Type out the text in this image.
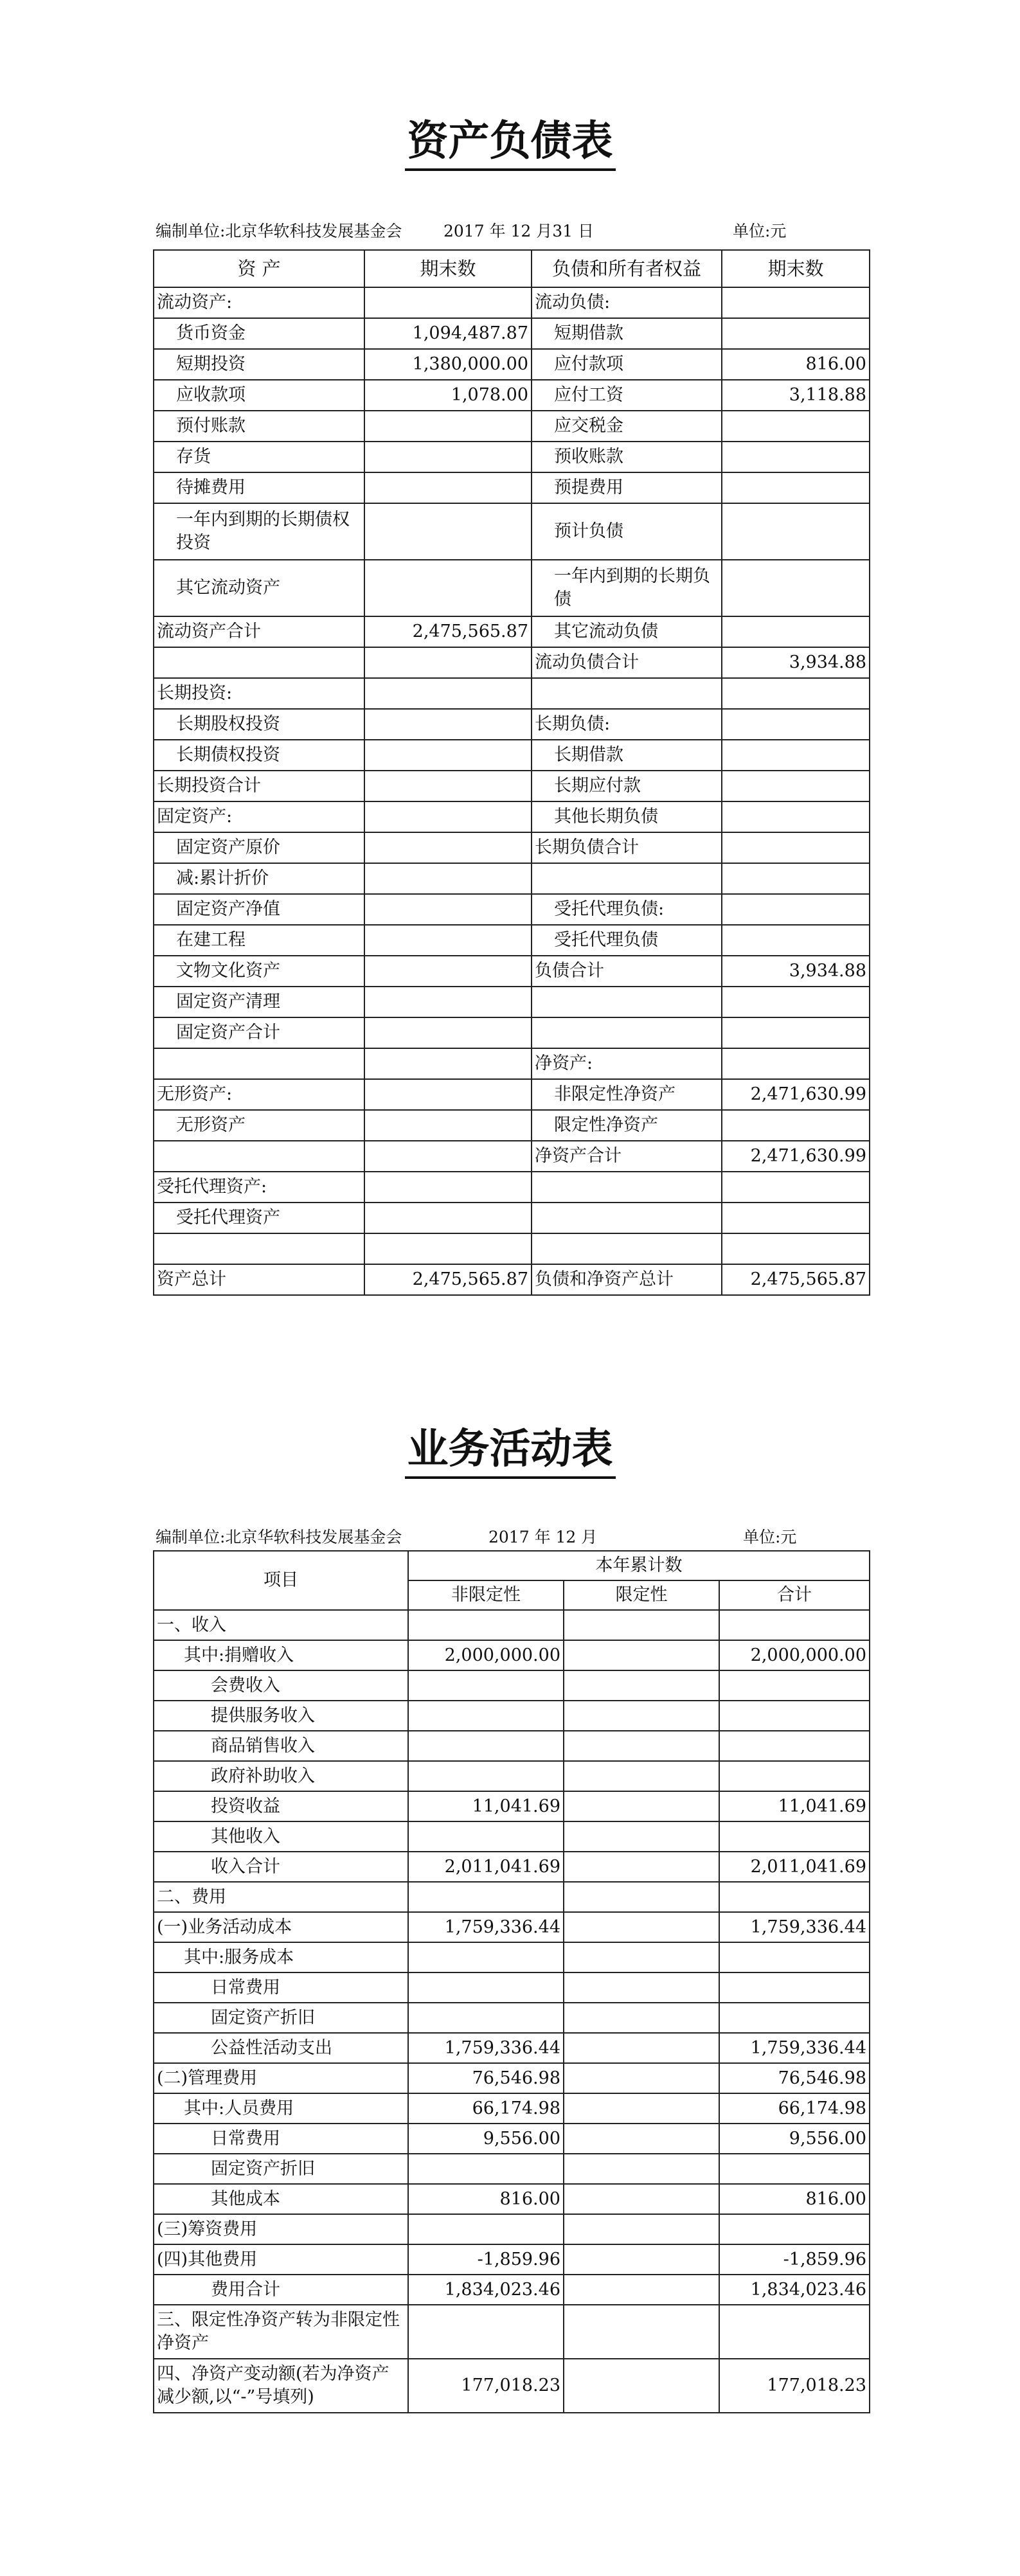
资产负债表
编制单位:北京华软科技发展基金会	2017 年 12 月31 日	单位:元
资 产	期末数	负债和所有者权益	期末数
流动资产:		流动负债:	
货币资金	1,094,487.87	短期借款	
短期投资	1,380,000.00	应付款项	816.00
应收款项	1,078.00	应付工资	3,118.88
预付账款		应交税金	
存货		预收账款	
待摊费用		预提费用	
一年内到期的长期债权投资		预计负债	
其它流动资产		一年内到期的长期负债	
流动资产合计	2,475,565.87	其它流动负债	
		流动负债合计	3,934.88
长期投资:			
长期股权投资		长期负债:	
长期债权投资		长期借款	
长期投资合计		长期应付款	
固定资产:		其他长期负债	
固定资产原价		长期负债合计	
减:累计折价			
固定资产净值		受托代理负债:	
在建工程		受托代理负债	
文物文化资产		负债合计	3,934.88
固定资产清理			
固定资产合计			
		净资产:	
无形资产:		非限定性净资产	2,471,630.99
无形资产		限定性净资产	
		净资产合计	2,471,630.99
受托代理资产:			
受托代理资产			

资产总计	2,475,565.87	负债和净资产总计	2,475,565.87
业务活动表
编制单位:北京华软科技发展基金会	2017 年 12 月	单位:元
项目	本年累计数		
	非限定性	限定性	合计
一、收入			
其中:捐赠收入	2,000,000.00		2,000,000.00
会费收入			
提供服务收入			
商品销售收入			
政府补助收入			
投资收益	11,041.69		11,041.69
其他收入			
收入合计	2,011,041.69		2,011,041.69
二、费用			
(一)业务活动成本	1,759,336.44		1,759,336.44
其中:服务成本			
日常费用			
固定资产折旧			
公益性活动支出	1,759,336.44		1,759,336.44
(二)管理费用	76,546.98		76,546.98
其中:人员费用	66,174.98		66,174.98
日常费用	9,556.00		9,556.00
固定资产折旧			
其他成本	816.00		816.00
(三)筹资费用			
(四)其他费用	-1,859.96		-1,859.96
费用合计	1,834,023.46		1,834,023.46
三、限定性净资产转为非限定性净资产			
四、净资产变动额(若为净资产减少额,以“-”号填列)	177,018.23		177,018.23
